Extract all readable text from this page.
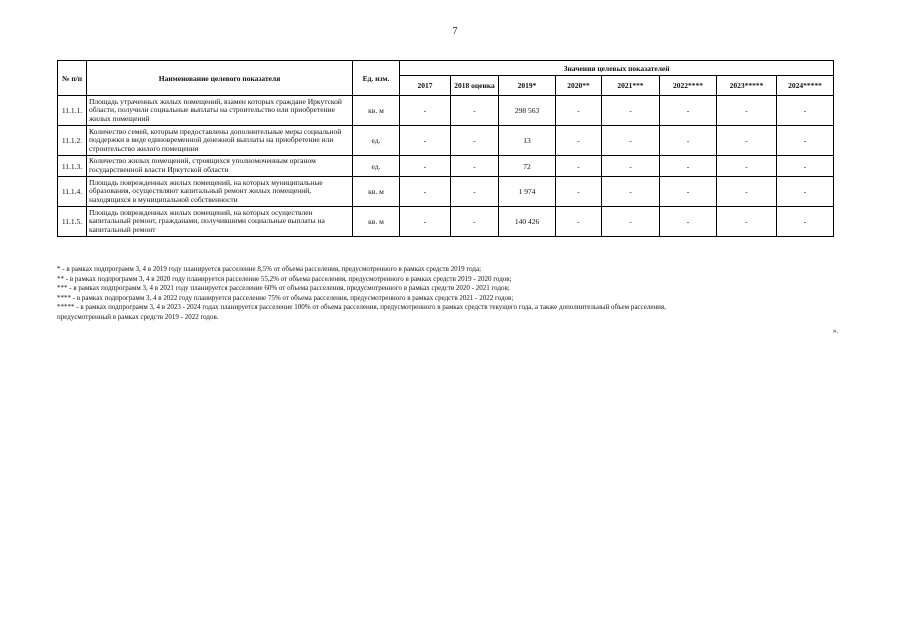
7
№ п/п	Наименование целевого показателя	Ед. изм.	Значения целевых показателей							
			2017	2018 оценка	2019*	2020**	2021***	2022****	2023*****	2024*****
11.1.1.	Площадь утраченных жилых помещений, взамен которых граждане Иркутской области, получили социальные выплаты на строительство или приобретение жилых помещений	кв. м	-	-	298 563	-	-	-	-	-
11.1.2.	Количество семей, которым предоставлены дополнительные меры социальной поддержки в виде единовременной денежной выплаты на приобретение или строительство жилого помещения	ед.	-	-	13	-	-	-	-	-
11.1.3.	Количество жилых помещений, строящихся уполномоченным органом государственной власти Иркутской области	ед.	-	-	72	-	-	-	-	-
11.1.4.	Площадь поврежденных жилых помещений, на которых муниципальные образования, осуществляют капитальный ремонт жилых помещений, находящихся в муниципальной собственности	кв. м	-	-	1 974	-	-	-	-	-
11.1.5.	Площадь поврежденных жилых помещений, на которых осуществлен капитальный ремонт, гражданами, получившими социальные выплаты на капитальный ремонт	кв. м	-	-	140 426	-	-	-	-	-
* - в рамках подпрограмм 3, 4 в 2019 году планируется расселение 8,5% от объема расселения, предусмотренного в рамках средств 2019 года;
** - в рамках подпрограмм 3, 4 в 2020 году планируется расселение 55,2% от объема расселения, предусмотренного в рамках средств 2019 - 2020 годов;
*** - в рамках подпрограмм 3, 4 в 2021 году планируется расселение 60% от объема расселения, предусмотренного в рамках средств 2020 - 2021 годов;
**** - в рамках подпрограмм 3, 4 в 2022 году планируется расселение 75% от объема расселения, предусмотренного в рамках средств 2021 - 2022 годов;
***** - в рамках подпрограмм 3, 4 в 2023 - 2024 годах планируется расселение 100% от объема расселения, предусмотренного в рамках средств текущего года, а также дополнительный объем расселения,
предусмотренный в рамках средств 2019 - 2022 годов.
».
